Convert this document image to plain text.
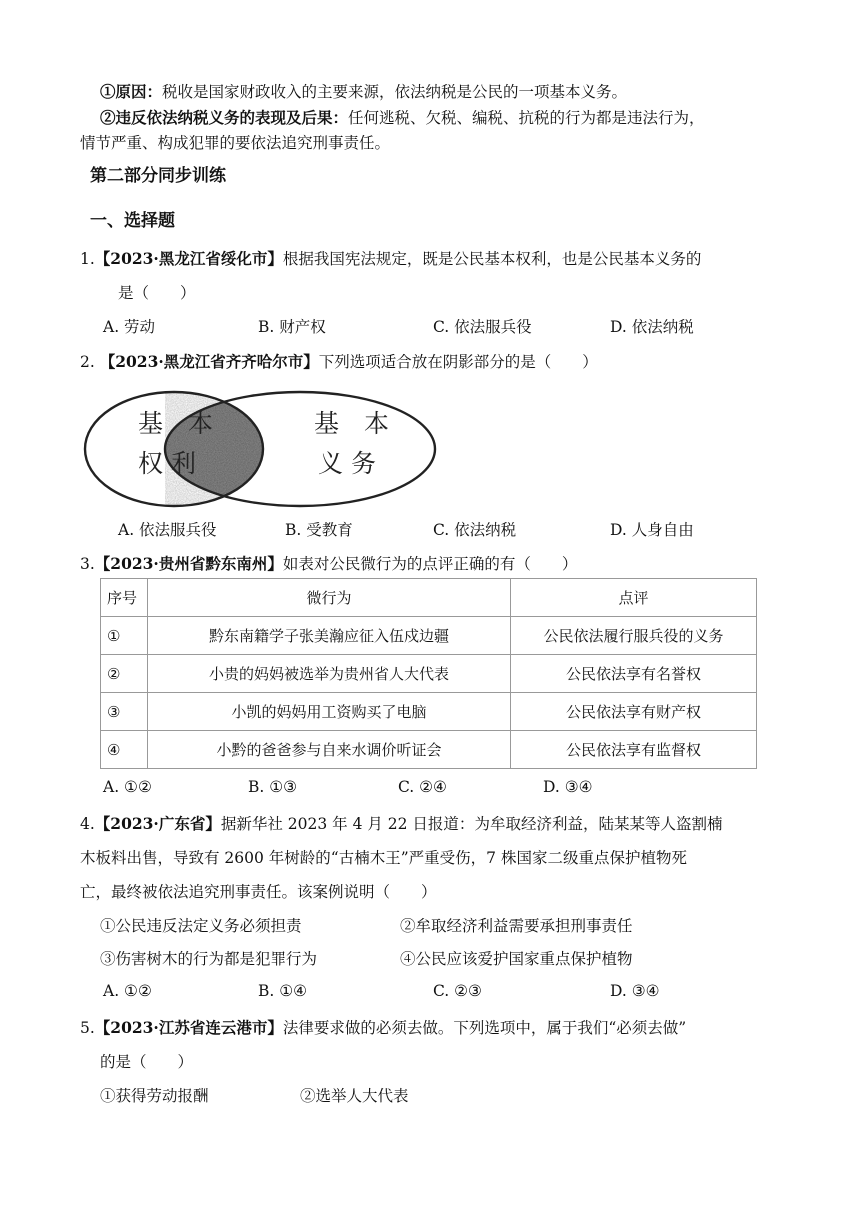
①原因：税收是国家财政收入的主要来源，依法纳税是公民的一项基本义务。
②违反依法纳税义务的表现及后果：任何逃税、欠税、编税、抗税的行为都是违法行为，
情节严重、构成犯罪的要依法追究刑事责任。
第二部分同步训练
一、选择题
1.【2023·黑龙江省绥化市】根据我国宪法规定，既是公民基本权利，也是公民基本义务的
是（　　）
A. 劳动	B. 财产权	C. 依法服兵役	D. 依法纳税
2. 【2023·黑龙江省齐齐哈尔市】下列选项适合放在阴影部分的是（　　）
基　本
权 利
基　本
义 务
A. 依法服兵役	B. 受教育	C. 依法纳税	D. 人身自由
3.【2023·贵州省黔东南州】如表对公民微行为的点评正确的有（　　）
序号	微行为	点评
①	黔东南籍学子张美瀚应征入伍戍边疆	公民依法履行服兵役的义务
②	小贵的妈妈被选举为贵州省人大代表	公民依法享有名誉权
③	小凯的妈妈用工资购买了电脑	公民依法享有财产权
④	小黔的爸爸参与自来水调价听证会	公民依法享有监督权
A. ①②	B. ①③	C. ②④	D. ③④
4.【2023·广东省】据新华社 2023 年 4 月 22 日报道：为牟取经济利益，陆某某等人盗割楠
木板料出售，导致有 2600 年树龄的“古楠木王”严重受伤，7 株国家二级重点保护植物死
亡，最终被依法追究刑事责任。该案例说明（　　）
①公民违反法定义务必须担责	②牟取经济利益需要承担刑事责任
③伤害树木的行为都是犯罪行为	④公民应该爱护国家重点保护植物
A. ①②	B. ①④	C. ②③	D. ③④
5.【2023·江苏省连云港市】法律要求做的必须去做。下列选项中，属于我们“必须去做”
的是（　　）
①获得劳动报酬	②选举人大代表
